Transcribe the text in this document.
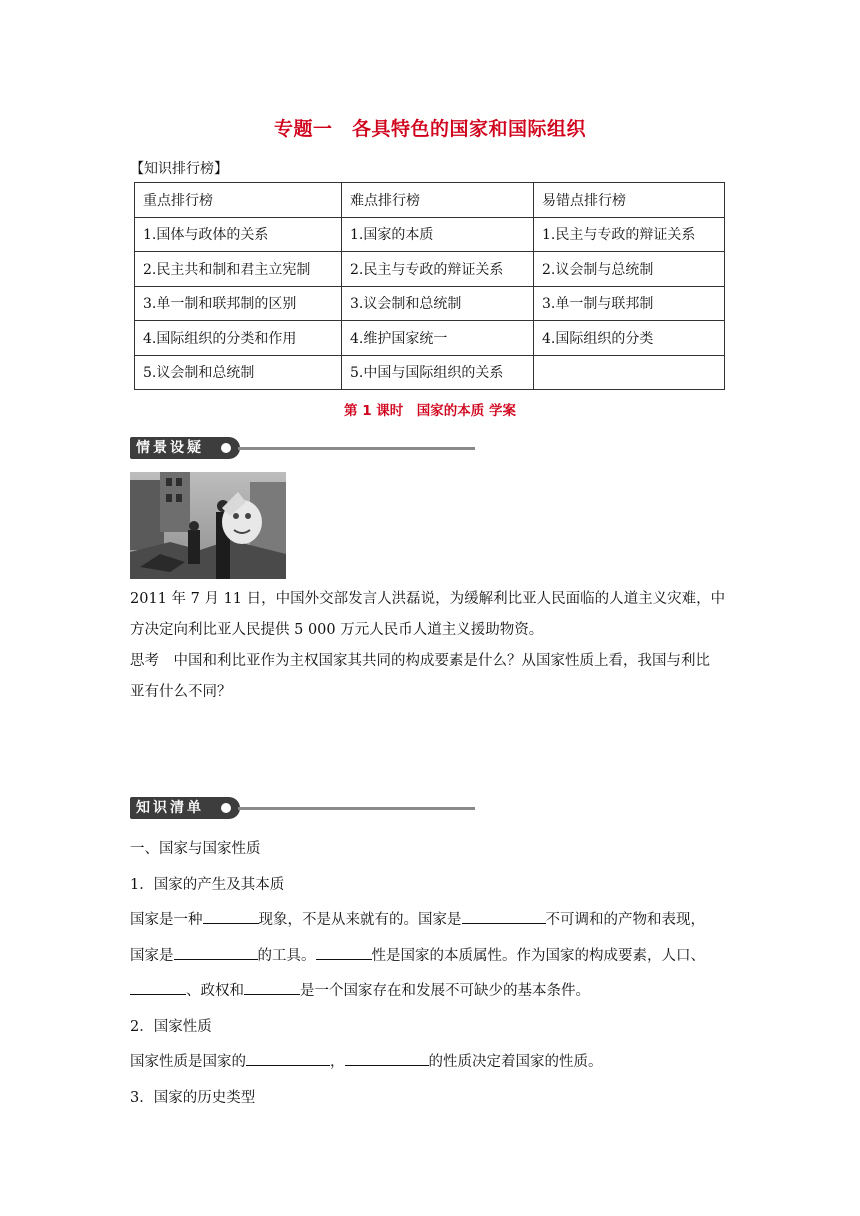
专题一　各具特色的国家和国际组织
【知识排行榜】
重点排行榜	难点排行榜	易错点排行榜
1.国体与政体的关系	1.国家的本质	1.民主与专政的辩证关系
2.民主共和制和君主立宪制	2.民主与专政的辩证关系	2.议会制与总统制
3.单一制和联邦制的区别	3.议会制和总统制	3.单一制与联邦制
4.国际组织的分类和作用	4.维护国家统一	4.国际组织的分类
5.议会制和总统制	5.中国与国际组织的关系	
第 1 课时　国家的本质 学案
情景设疑
2011 年 7 月 11 日，中国外交部发言人洪磊说，为缓解利比亚人民面临的人道主义灾难，中
方决定向利比亚人民提供 5 000 万元人民币人道主义援助物资。
思考　中国和利比亚作为主权国家其共同的构成要素是什么？从国家性质上看，我国与利比
亚有什么不同？
知识清单
一、国家与国家性质
1．国家的产生及其本质
国家是一种	现象，不是从来就有的。国家是	不可调和的产物和表现，
国家是	的工具。	性是国家的本质属性。作为国家的构成要素，人口、
、政权和	是一个国家存在和发展不可缺少的基本条件。
2．国家性质
国家性质是国家的	，	的性质决定着国家的性质。
3．国家的历史类型
